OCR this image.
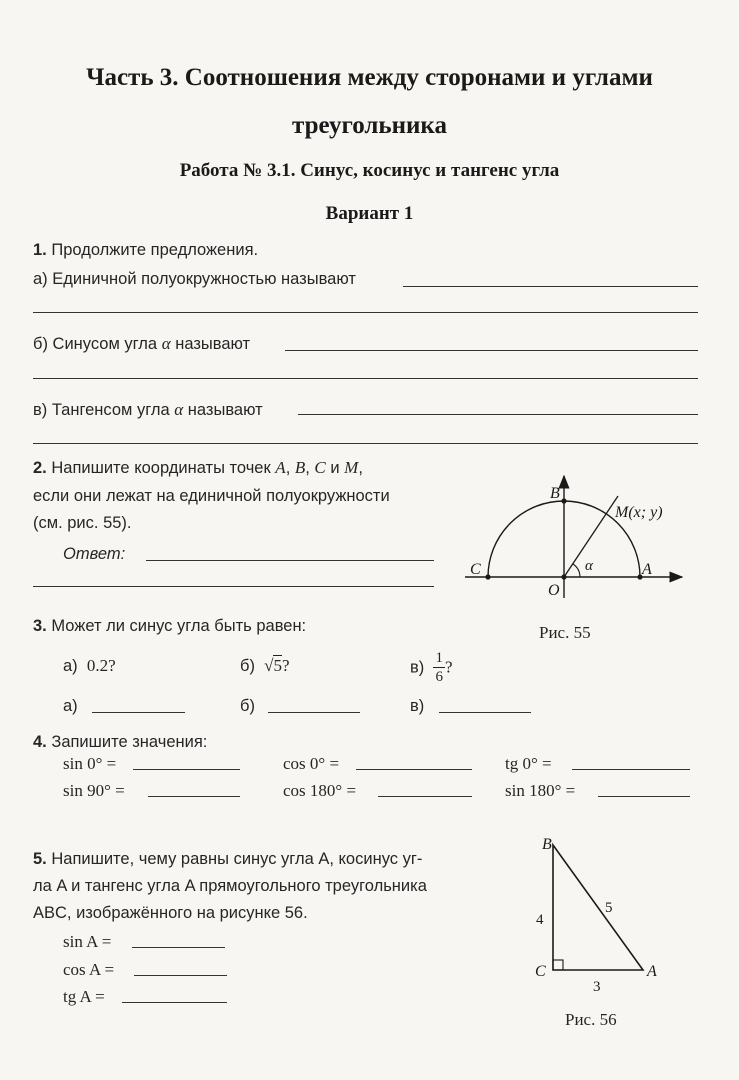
Часть 3. Соотношения между сторонами и углами
треугольника
Работа № 3.1. Синус, косинус и тангенс угла
Вариант 1
1. Продолжите предложения.
а) Единичной полуокружностью называют
б) Синусом угла α называют
в) Тангенсом угла α называют
2. Напишите координаты точек A, B, C и M,
если они лежат на единичной полуокружности
(см. рис. 55).
Ответ:
B
M(x; y)
C
O
A
α
Рис. 55
3. Может ли синус угла быть равен:
а) 0.2?	б) √5?	$в) \frac{1}{6}$ ?
а)	б)	в)
4. Запишите значения:
sin 0° =	cos 0° =	tg 0° =
sin 90° =	cos 180° =	sin 180° =
5. Напишите, чему равны синус угла A, косинус уг-
ла A и тангенс угла A прямоугольного треугольника
ABC, изображённого на рисунке 56.
sin A =
cos A =
tg A =
B
C	A
4
5
3
Рис. 56
